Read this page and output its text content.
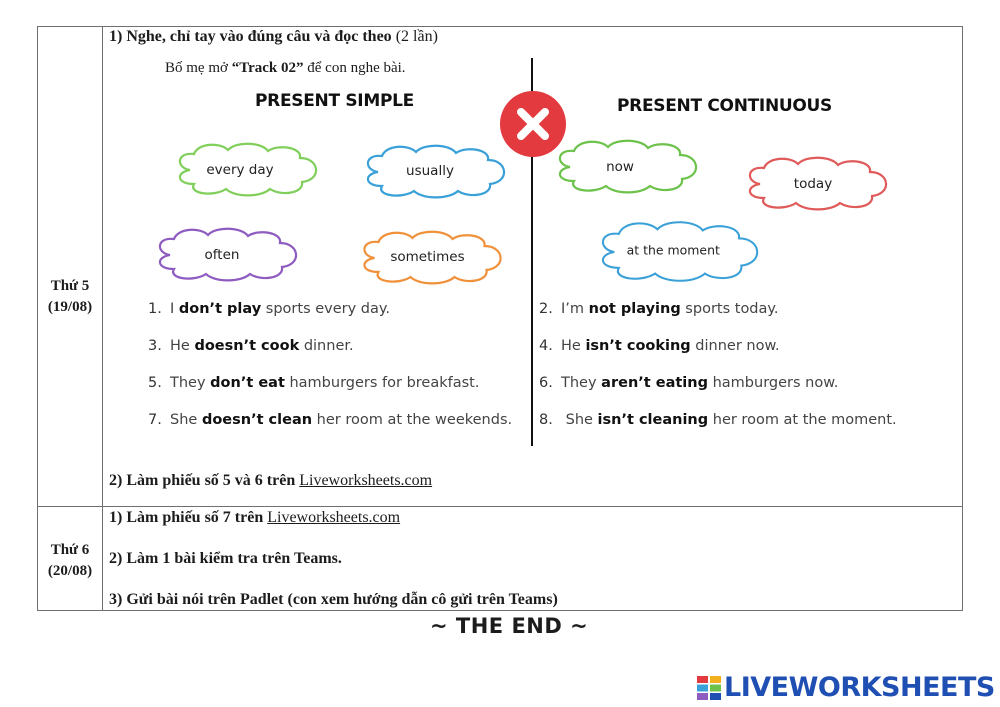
Thứ 5
(19/08)
1) Nghe, chỉ tay vào đúng câu và đọc theo (2 lần)
Bố mẹ mở “Track 02” để con nghe bài.
PRESENT SIMPLE	PRESENT CONTINUOUS
every day	usually
often	sometimes
now
today
at the moment
1. I don’t play sports every day.
3. He doesn’t cook dinner.
5. They don’t eat hamburgers for breakfast.
7. She doesn’t clean her room at the weekends.
2. I’m not playing sports today.
4. He isn’t cooking dinner now.
6. They aren’t eating hamburgers now.
8. She isn’t cleaning her room at the moment.
2) Làm phiếu số 5 và 6 trên Liveworksheets.com
Thứ 6
(20/08)
1) Làm phiếu số 7 trên Liveworksheets.com
2) Làm 1 bài kiểm tra trên Teams.
3) Gửi bài nói trên Padlet (con xem hướng dẫn cô gửi trên Teams)
~ THE END ~
LIVEWORKSHEETS
